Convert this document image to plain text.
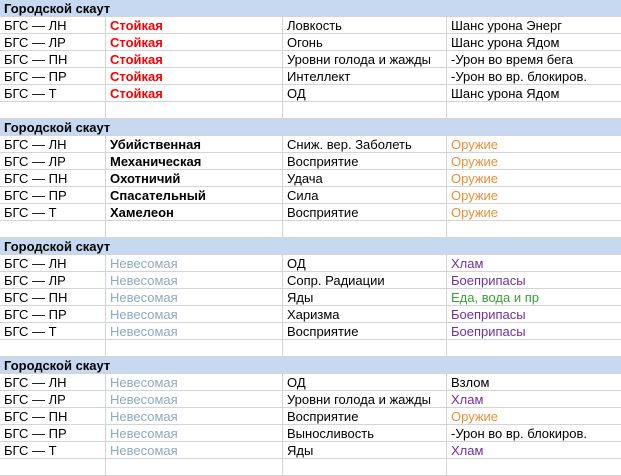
Городской скаут
БГС — ЛН	Стойкая	Ловкость	Шанс урона Энерг
БГС — ЛР	Стойкая	Огонь	Шанс урона Ядом
БГС — ПН	Стойкая	Уровни голода и жажды	-Урон во время бега
БГС — ПР	Стойкая	Интеллект	-Урон во вр. блокиров.
БГС — Т	Стойкая	ОД	Шанс урона Ядом
Городской скаут
БГС — ЛН	Убийственная	Сниж. вер. Заболеть	Оружие
БГС — ЛР	Механическая	Восприятие	Оружие
БГС — ПН	Охотничий	Удача	Оружие
БГС — ПР	Спасательный	Сила	Оружие
БГС — Т	Хамелеон	Восприятие	Оружие
Городской скаут
БГС — ЛН	Невесомая	ОД	Хлам
БГС — ЛР	Невесомая	Сопр. Радиации	Боеприпасы
БГС — ПН	Невесомая	Яды	Еда, вода и пр
БГС — ПР	Невесомая	Харизма	Боеприпасы
БГС — Т	Невесомая	Восприятие	Боеприпасы
Городской скаут
БГС — ЛН	Невесомая	ОД	Взлом
БГС — ЛР	Невесомая	Уровни голода и жажды	Хлам
БГС — ПН	Невесомая	Восприятие	Оружие
БГС — ПР	Невесомая	Выносливость	-Урон во вр. блокиров.
БГС — Т	Невесомая	Яды	Хлам
